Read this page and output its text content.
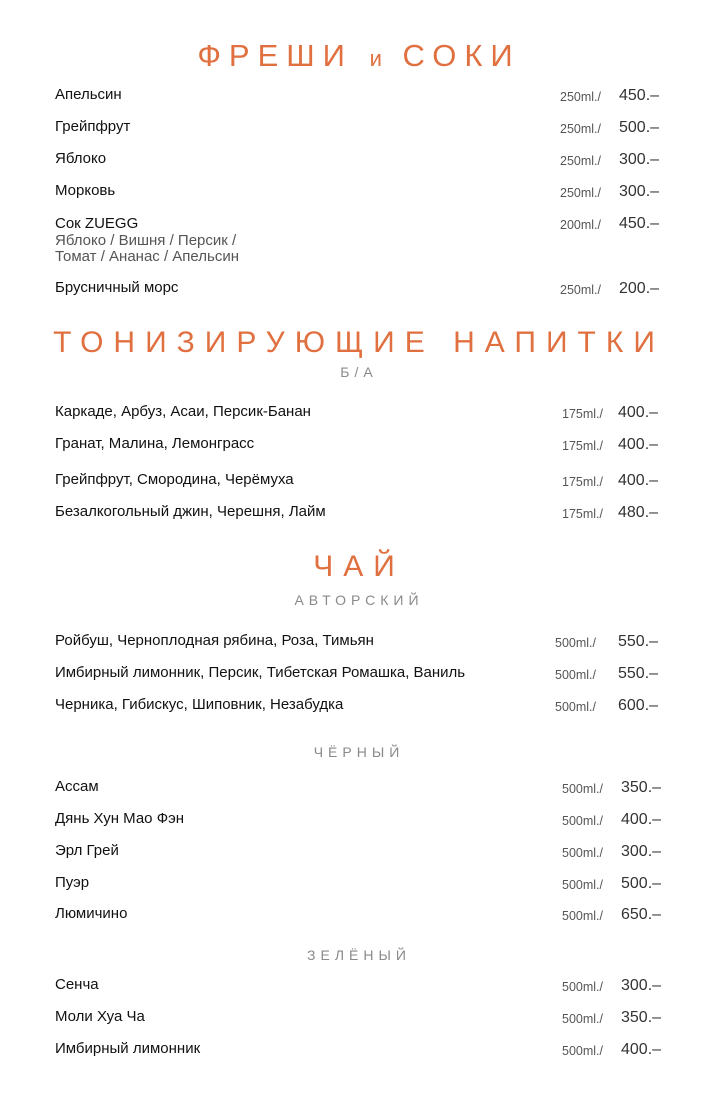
ФРЕШИ и СОКИ
Апельсин	250ml./ 450.–
Грейпфрут	250ml./ 500.–
Яблоко	250ml./ 300.–
Морковь	250ml./ 300.–
Сок ZUEGG
Яблоко / Вишня / Персик /
Томат / Ананас / Апельсин
200ml./ 450.–
Брусничный морс	250ml./ 200.–
ТОНИЗИРУЮЩИЕ НАПИТКИ
Б/А
Каркаде, Арбуз, Асаи, Персик-Банан	175ml./ 400.–
Гранат, Малина, Лемонграсс	175ml./ 400.–
Грейпфрут, Смородина, Черёмуха	175ml./ 400.–
Безалкогольный джин, Черешня, Лайм	175ml./ 480.–
ЧАЙ
АВТОРСКИЙ
Ройбуш, Черноплодная рябина, Роза, Тимьян	500ml./ 550.–
Имбирный лимонник, Персик, Тибетская Ромашка, Ваниль	500ml./ 550.–
Черника, Гибискус, Шиповник, Незабудка	500ml./ 600.–
ЧЁРНЫЙ
Ассам	500ml./ 350.–
Дянь Хун Мао Фэн	500ml./ 400.–
Эрл Грей	500ml./ 300.–
Пуэр	500ml./ 500.–
Люмичино	500ml./ 650.–
ЗЕЛЁНЫЙ
Сенча	500ml./ 300.–
Моли Хуа Ча	500ml./ 350.–
Имбирный лимонник	500ml./ 400.–
